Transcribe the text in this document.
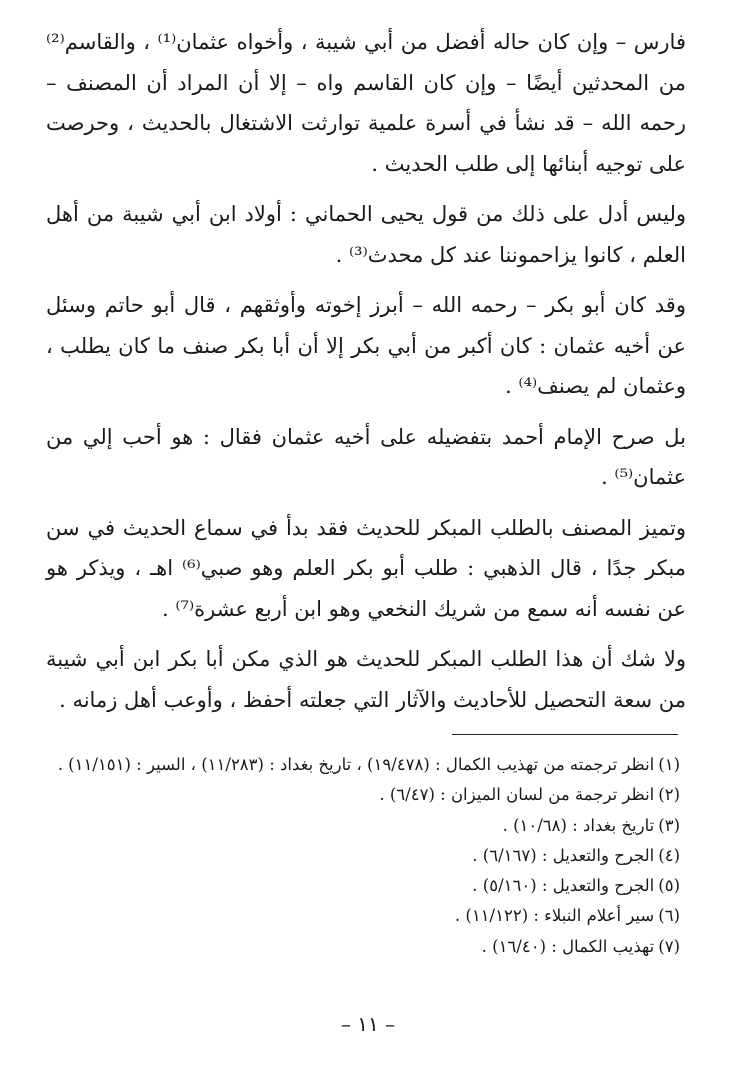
فارس – وإن كان حاله أفضل من أبي شيبة ، وأخواه عثمان⁽¹⁾ ، والقاسم⁽²⁾ من المحدثين أيضًا – وإن كان القاسم واه – إلا أن المراد أن المصنف – رحمه الله – قد نشأ في أسرة علمية توارثت الاشتغال بالحديث ، وحرصت على توجيه أبنائها إلى طلب الحديث .

وليس أدل على ذلك من قول يحيى الحماني : أولاد ابن أبي شيبة من أهل العلم ، كانوا يزاحموننا عند كل محدث⁽³⁾ .

وقد كان أبو بكر – رحمه الله – أبرز إخوته وأوثقهم ، قال أبو حاتم وسئل عن أخيه عثمان : كان أكبر من أبي بكر إلا أن أبا بكر صنف ما كان يطلب ، وعثمان لم يصنف⁽⁴⁾ .

بل صرح الإمام أحمد بتفضيله على أخيه عثمان فقال : هو أحب إلي من عثمان⁽⁵⁾ .

وتميز المصنف بالطلب المبكر للحديث فقد بدأ في سماع الحديث في سن مبكر جدًا ، قال الذهبي : طلب أبو بكر العلم وهو صبي⁽⁶⁾ اهـ ، ويذكر هو عن نفسه أنه سمع من شريك النخعي وهو ابن أربع عشرة⁽⁷⁾ .

ولا شك أن هذا الطلب المبكر للحديث هو الذي مكن أبا بكر ابن أبي شيبة من سعة التحصيل للأحاديث والآثار التي جعلته أحفظ ، وأوعب أهل زمانه .

(١)انظر ترجمته من تهذيب الكمال : (١٩/٤٧٨) ، تاريخ بغداد : (١١/٢٨٣) ، السير : (١١/١٥١) .
(٢)انظر ترجمة من لسان الميزان : (٦/٤٧) .
(٣)تاريخ بغداد : (١٠/٦٨) .
(٤)الجرح والتعديل : (٦/١٦٧) .
(٥)الجرح والتعديل : (٥/١٦٠) .
(٦)سير أعلام النبلاء : (١١/١٢٢) .
(٧)تهذيب الكمال : (١٦/٤٠) .
– ١١ –
